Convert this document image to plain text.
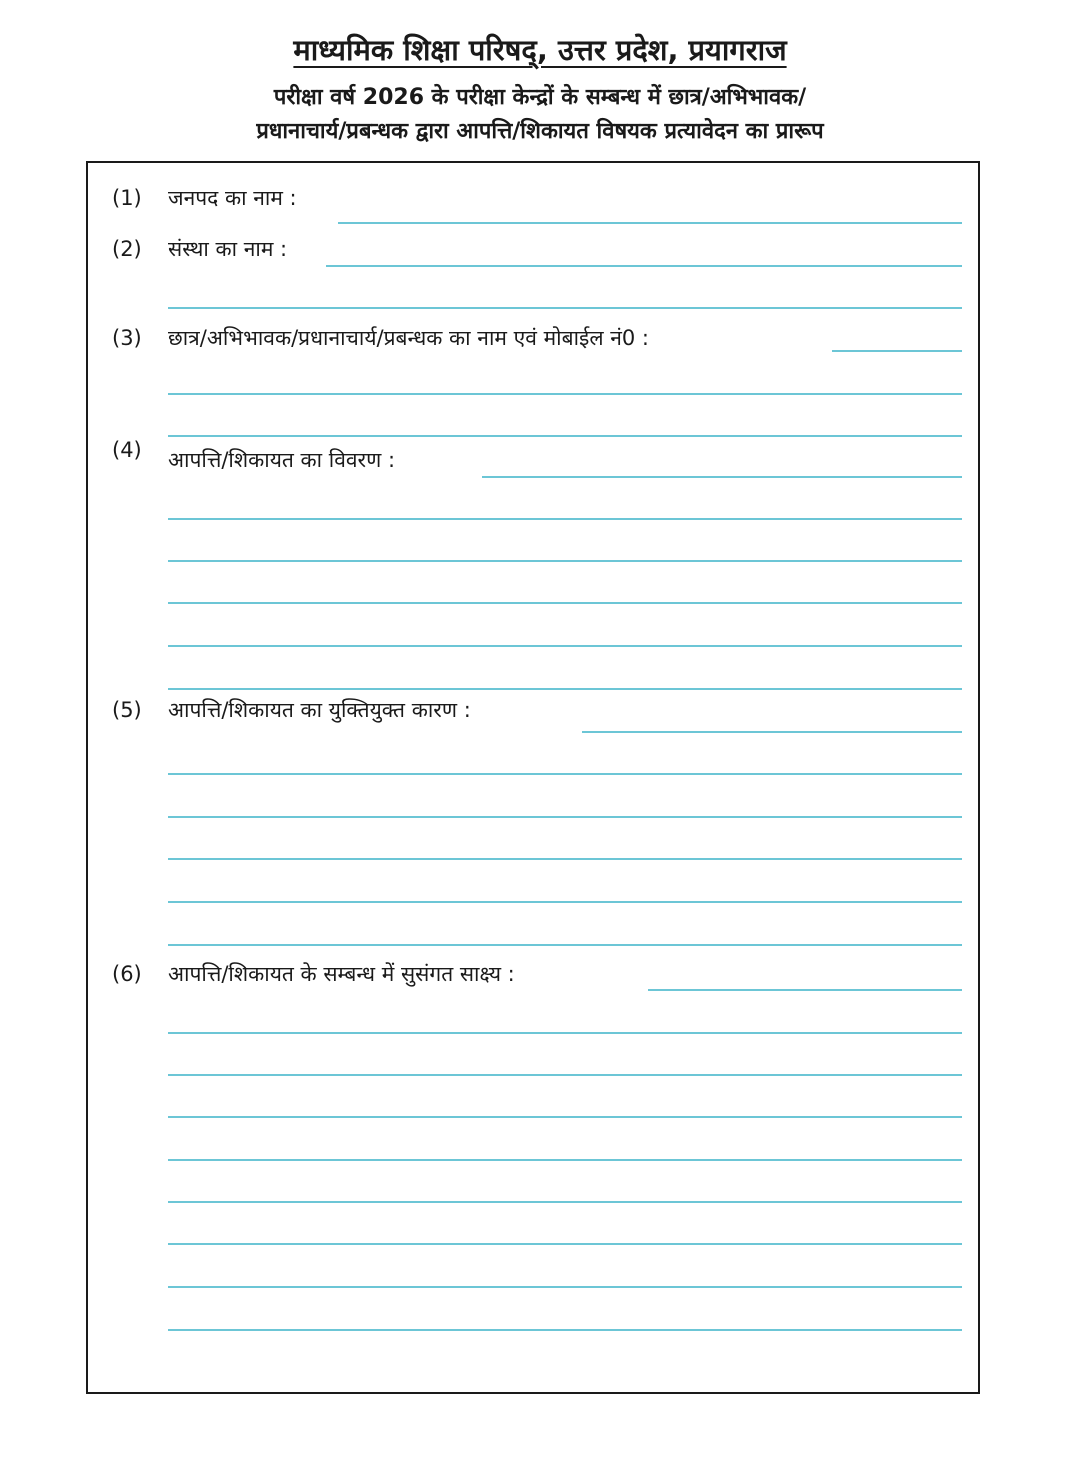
माध्यमिक शिक्षा परिषद्, उत्तर प्रदेश, प्रयागराज
परीक्षा वर्ष 2026 के परीक्षा केन्द्रों के सम्बन्ध में छात्र/अभिभावक/
प्रधानाचार्य/प्रबन्धक द्वारा आपत्ति/शिकायत विषयक प्रत्यावेदन का प्रारूप
(1) जनपद का नाम :
(2) संस्था का नाम :
(3) छात्र/अभिभावक/प्रधानाचार्य/प्रबन्धक का नाम एवं मोबाईल नं0 :
(4) आपत्ति/शिकायत का विवरण :
(5) आपत्ति/शिकायत का युक्तियुक्त कारण :
(6) आपत्ति/शिकायत के सम्बन्ध में सुसंगत साक्ष्य :
